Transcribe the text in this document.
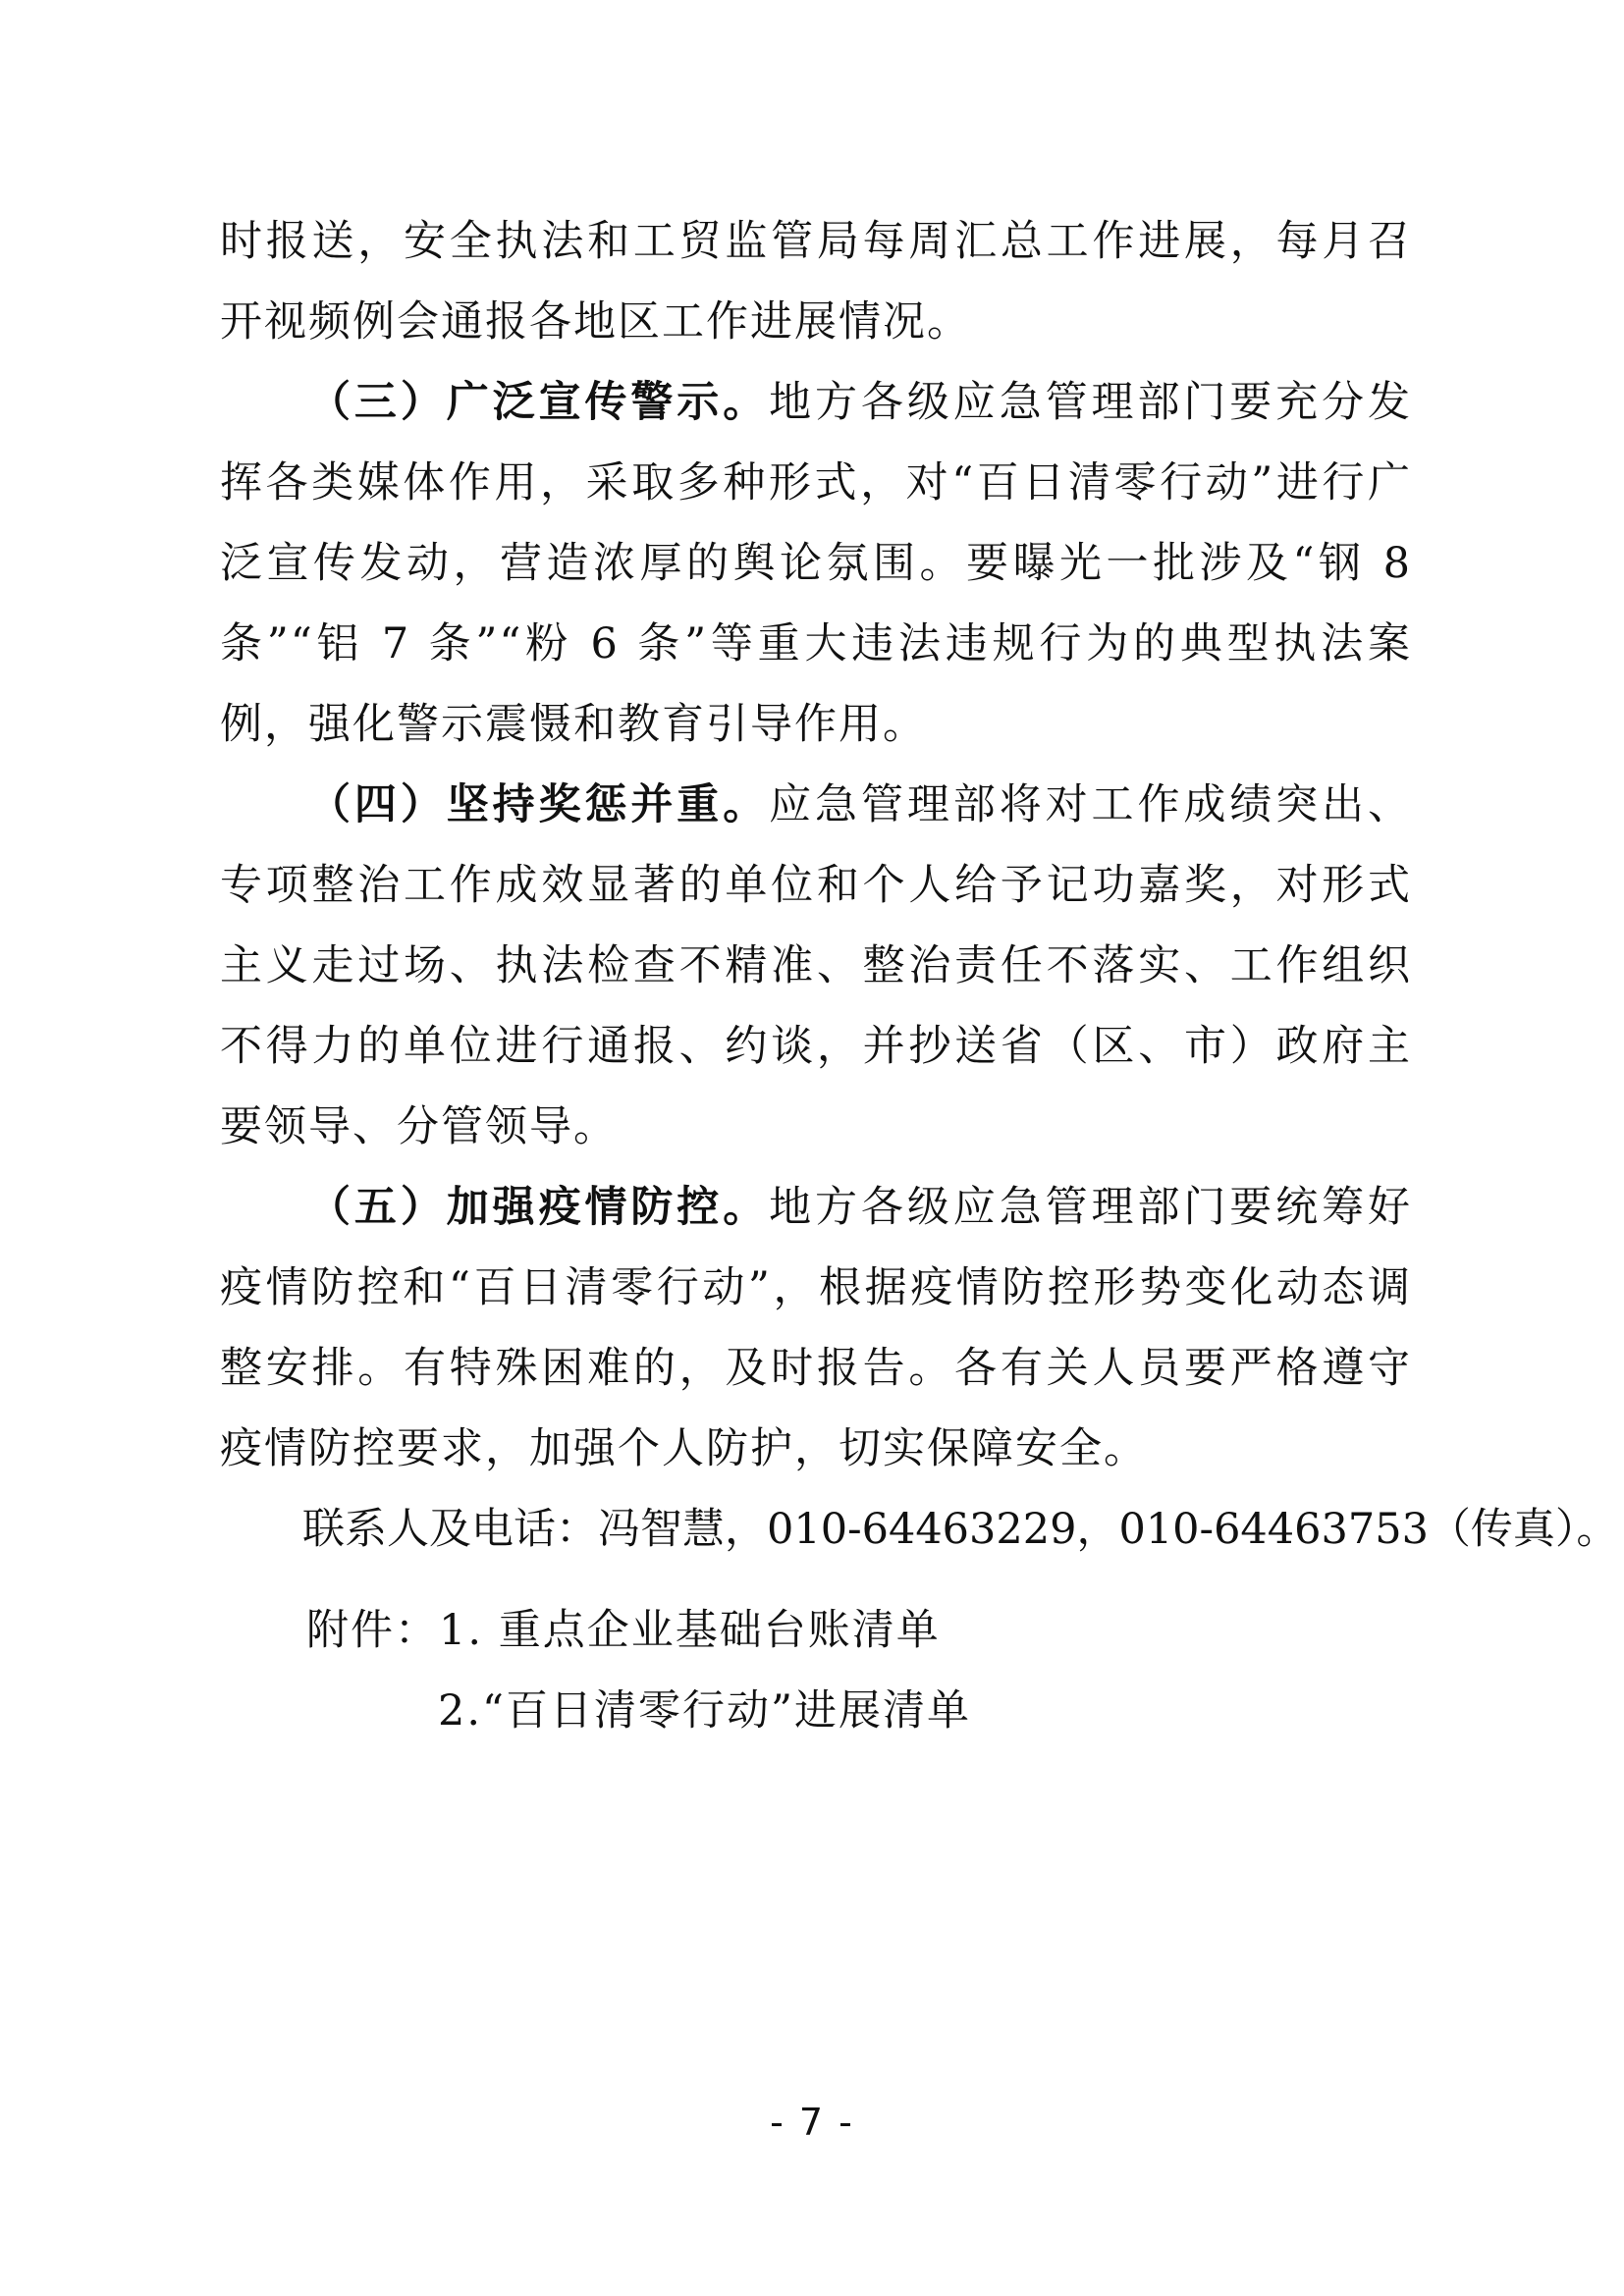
时报送，安全执法和工贸监管局每周汇总工作进展，每月召开视频例会通报各地区工作进展情况。

（三）广泛宣传警示。地方各级应急管理部门要充分发挥各类媒体作用，采取多种形式，对“百日清零行动”进行广泛宣传发动，营造浓厚的舆论氛围。要曝光一批涉及“钢 8 条”“铝 7 条”“粉 6 条”等重大违法违规行为的典型执法案例，强化警示震慑和教育引导作用。

（四）坚持奖惩并重。应急管理部将对工作成绩突出、专项整治工作成效显著的单位和个人给予记功嘉奖，对形式主义走过场、执法检查不精准、整治责任不落实、工作组织不得力的单位进行通报、约谈，并抄送省（区、市）政府主要领导、分管领导。

（五）加强疫情防控。地方各级应急管理部门要统筹好疫情防控和“百日清零行动”，根据疫情防控形势变化动态调整安排。有特殊困难的，及时报告。各有关人员要严格遵守疫情防控要求，加强个人防护，切实保障安全。

联系人及电话：冯智慧，010-64463229，010-64463753（传真）。

附件：1. 重点企业基础台账清单
2.“百日清零行动”进展清单
- 7 -
